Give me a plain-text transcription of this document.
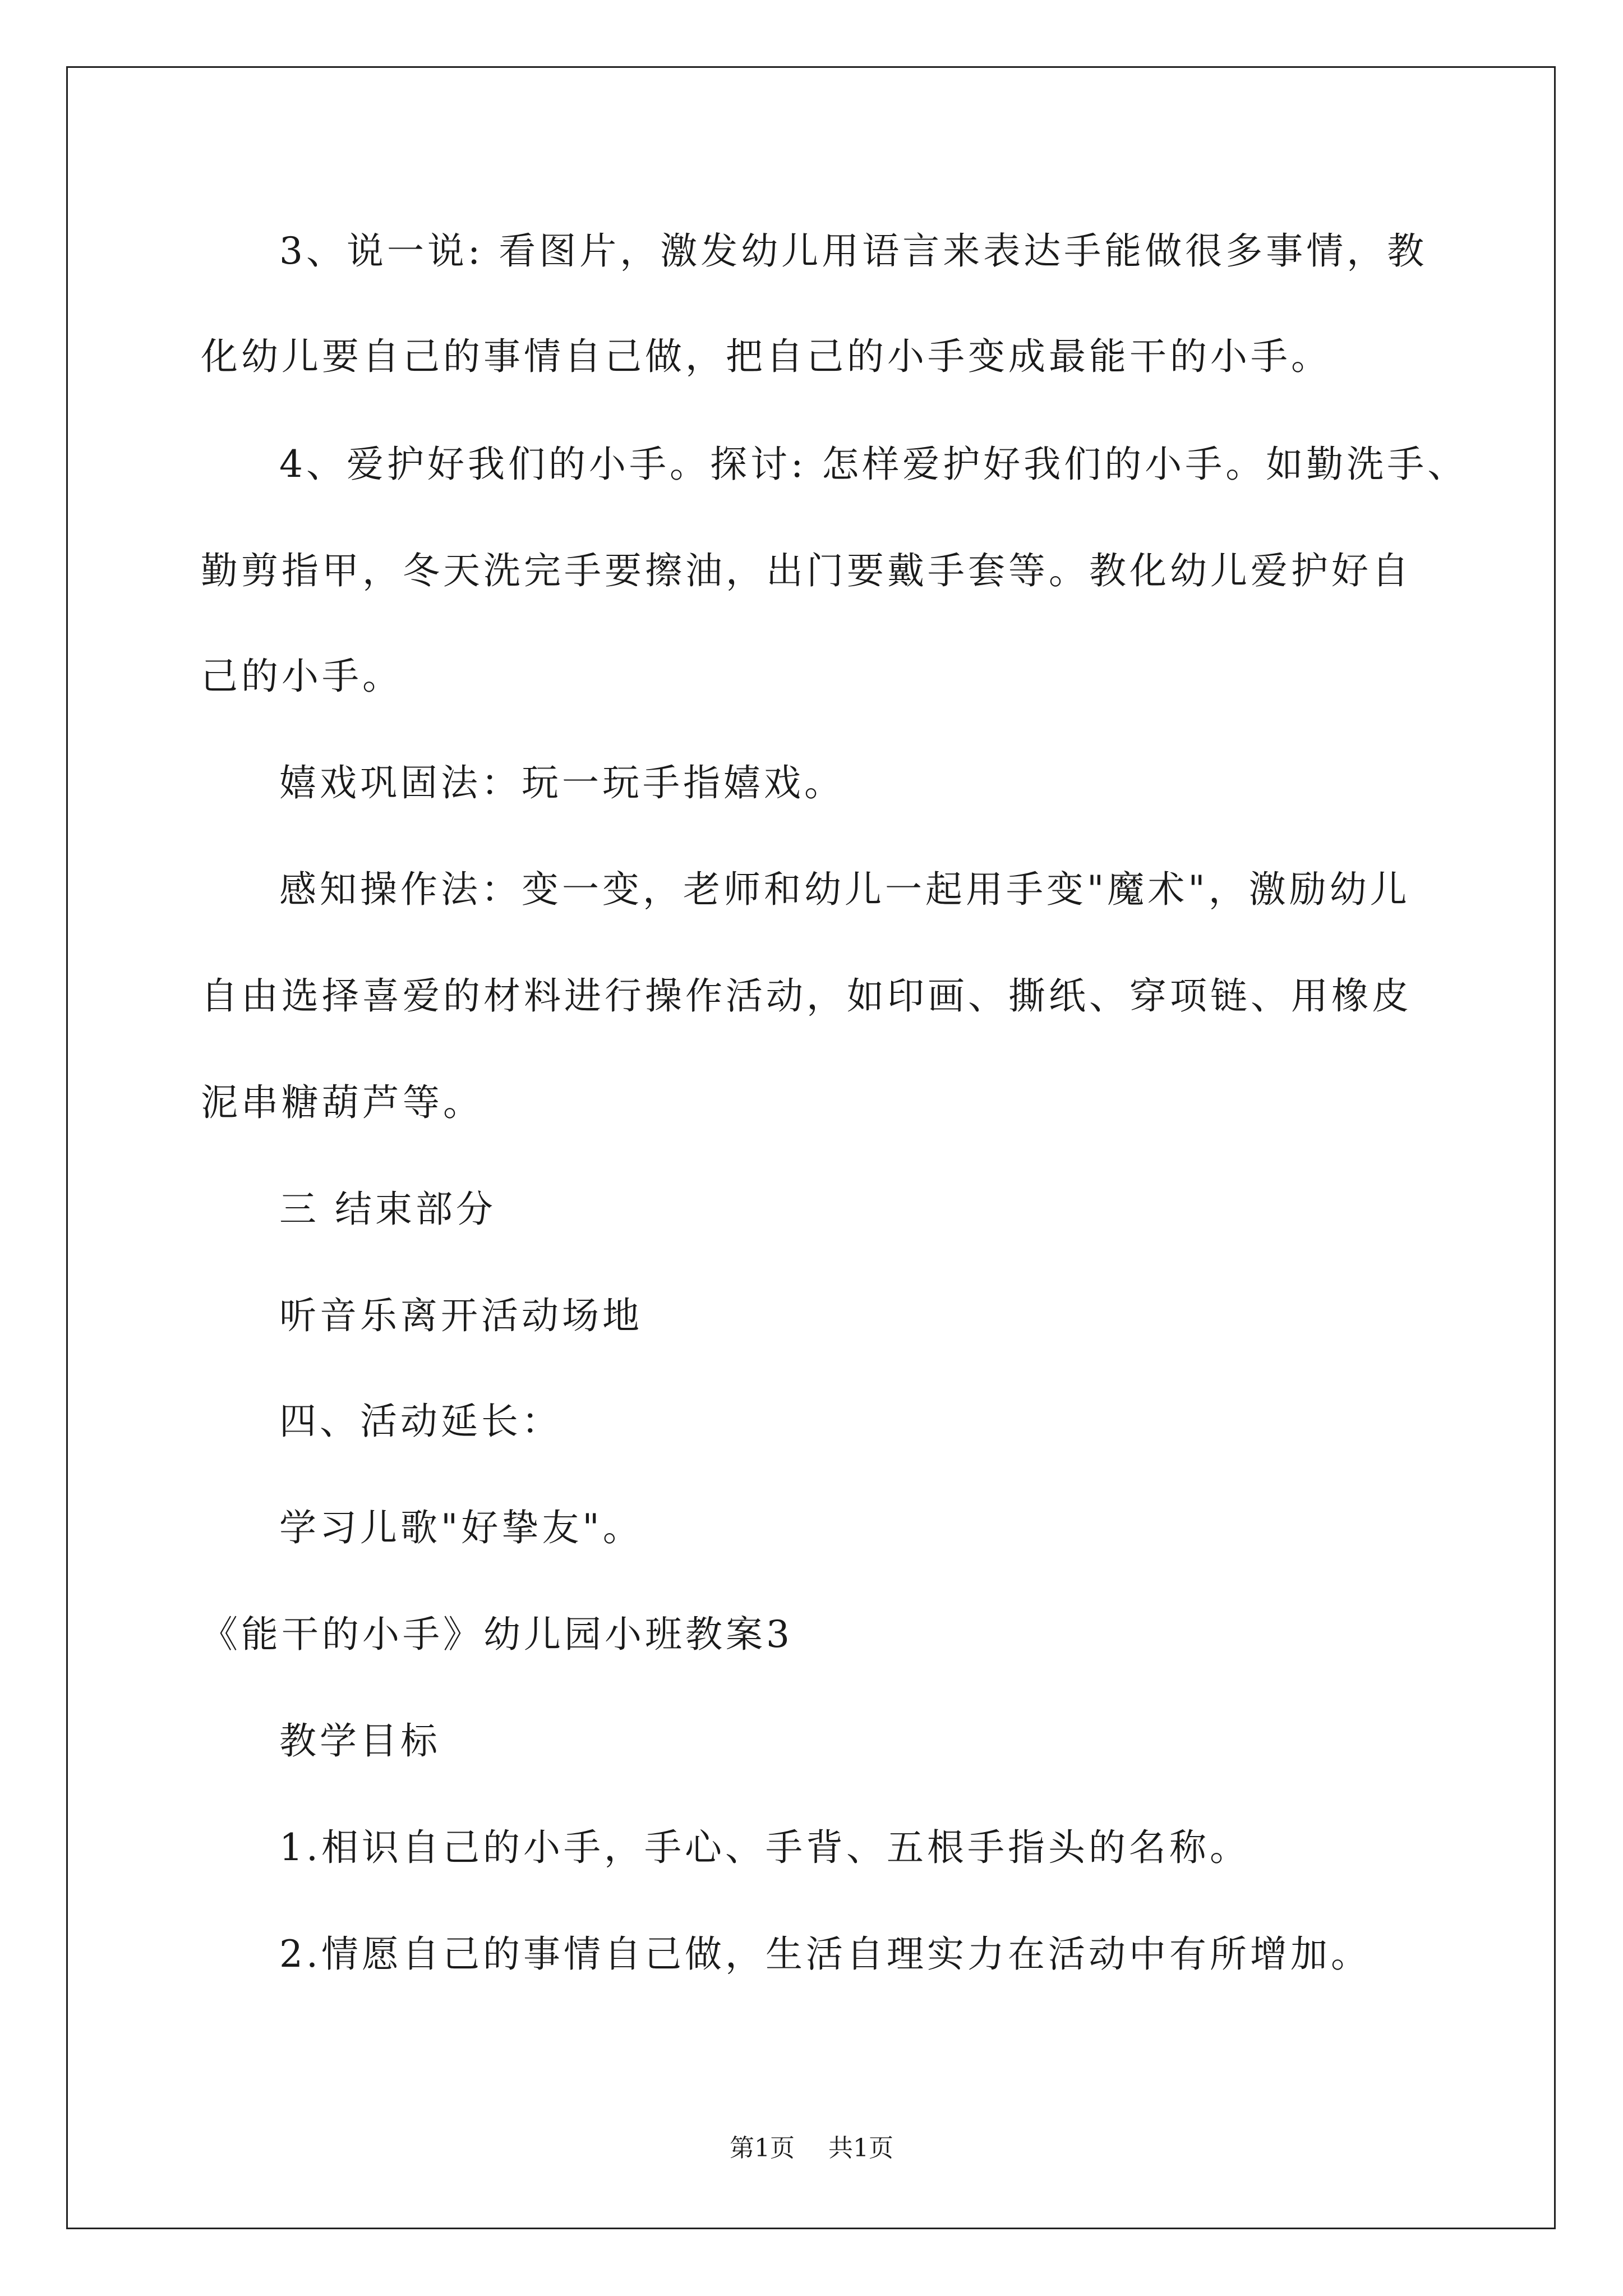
3、说一说: 看图片，激发幼儿用语言来表达手能做很多事情，教
化幼儿要自己的事情自己做，把自己的小手变成最能干的小手。
4、爱护好我们的小手。探讨: 怎样爱护好我们的小手。如勤洗手、
勤剪指甲，冬天洗完手要擦油，出门要戴手套等。教化幼儿爱护好自
己的小手。
嬉戏巩固法：玩一玩手指嬉戏。
感知操作法：变一变，老师和幼儿一起用手变"魔术"，激励幼儿
自由选择喜爱的材料进行操作活动，如印画、撕纸、穿项链、用橡皮
泥串糖葫芦等。
三 结束部分
听音乐离开活动场地
四、活动延长：
学习儿歌"好挚友"。
《能干的小手》幼儿园小班教案3
教学目标
1.相识自己的小手，手心、手背、五根手指头的名称。
2.情愿自己的事情自己做，生活自理实力在活动中有所增加。
第1页 共1页
